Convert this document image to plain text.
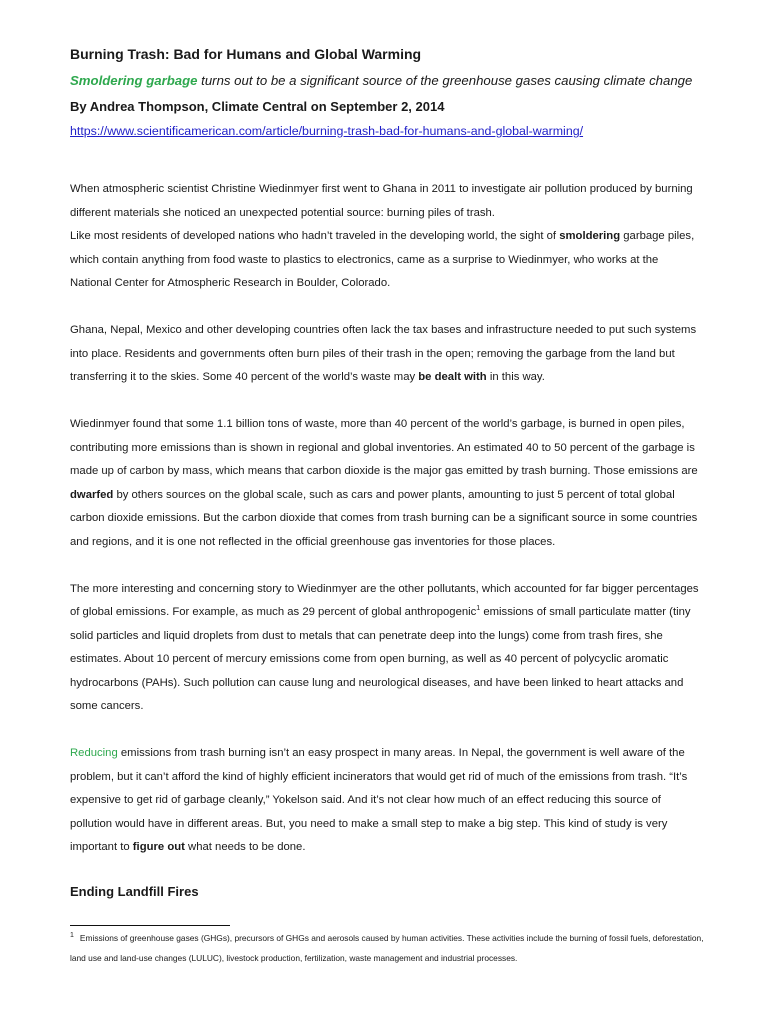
Burning Trash: Bad for Humans and Global Warming
Smoldering garbage turns out to be a significant source of the greenhouse gases causing climate change
By Andrea Thompson, Climate Central on September 2, 2014
https://www.scientificamerican.com/article/burning-trash-bad-for-humans-and-global-warming/

When atmospheric scientist Christine Wiedinmyer first went to Ghana in 2011 to investigate air pollution produced by burning different materials she noticed an unexpected potential source: burning piles of trash.

Like most residents of developed nations who hadn’t traveled in the developing world, the sight of smoldering garbage piles, which contain anything from food waste to plastics to electronics, came as a surprise to Wiedinmyer, who works at the National Center for Atmospheric Research in Boulder, Colorado.

Ghana, Nepal, Mexico and other developing countries often lack the tax bases and infrastructure needed to put such systems into place. Residents and governments often burn piles of their trash in the open; removing the garbage from the land but transferring it to the skies. Some 40 percent of the world’s waste may be dealt with in this way.

Wiedinmyer found that some 1.1 billion tons of waste, more than 40 percent of the world’s garbage, is burned in open piles, contributing more emissions than is shown in regional and global inventories. An estimated 40 to 50 percent of the garbage is made up of carbon by mass, which means that carbon dioxide is the major gas emitted by trash burning. Those emissions are dwarfed by others sources on the global scale, such as cars and power plants, amounting to just 5 percent of total global carbon dioxide emissions. But the carbon dioxide that comes from trash burning can be a significant source in some countries and regions, and it is one not reflected in the official greenhouse gas inventories for those places.

The more interesting and concerning story to Wiedinmyer are the other pollutants, which accounted for far bigger percentages of global emissions. For example, as much as 29 percent of global anthropogenic$^1$ emissions of small particulate matter (tiny solid particles and liquid droplets from dust to metals that can penetrate deep into the lungs) come from trash fires, she estimates. About 10 percent of mercury emissions come from open burning, as well as 40 percent of polycyclic aromatic hydrocarbons (PAHs). Such pollution can cause lung and neurological diseases, and have been linked to heart attacks and some cancers.

Reducing emissions from trash burning isn’t an easy prospect in many areas. In Nepal, the government is well aware of the problem, but it can’t afford the kind of highly efficient incinerators that would get rid of much of the emissions from trash. “It’s expensive to get rid of garbage cleanly,” Yokelson said. And it’s not clear how much of an effect reducing this source of pollution would have in different areas. But, you need to make a small step to make a big step. This kind of study is very important to figure out what needs to be done.

Ending Landfill Fires
$^1$ Emissions of greenhouse gases (GHGs), precursors of GHGs and aerosols caused by human activities. These activities include the burning of fossil fuels, deforestation, land use and land-use changes (LULUC), livestock production, fertilization, waste management and industrial processes.
